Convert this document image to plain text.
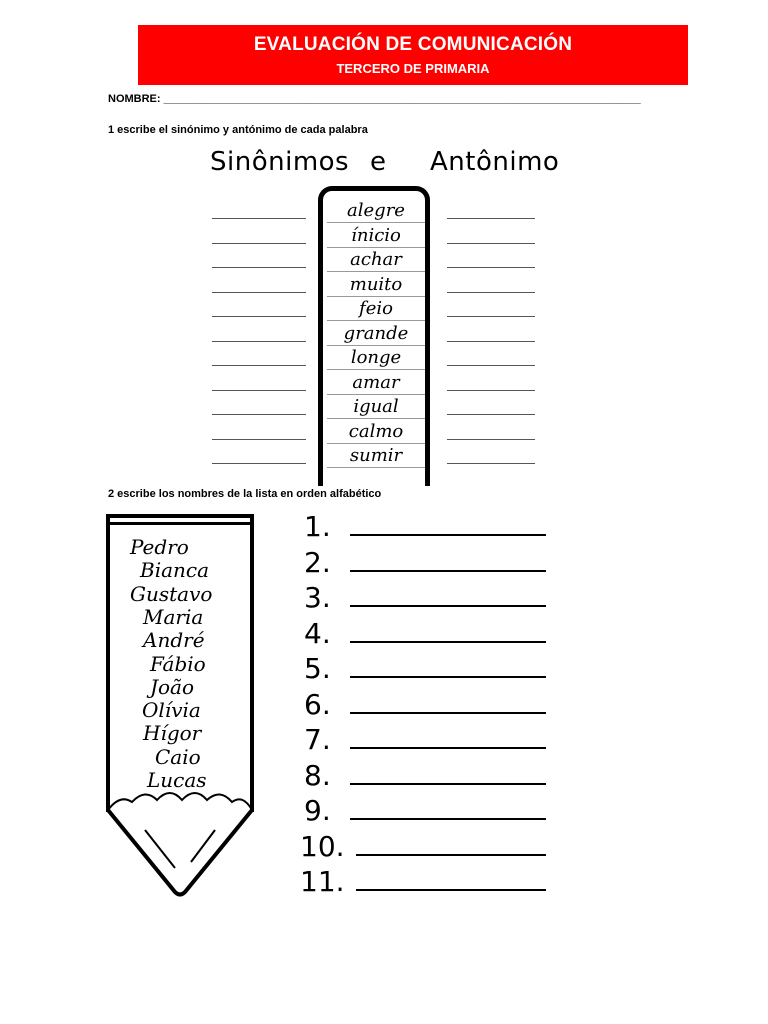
EVALUACIÓN DE COMUNICACIÓN
TERCERO DE PRIMARIA
NOMBRE: ______________________________________________________________________________
1 escribe el sinónimo y antónimo de cada palabra
Sinônimos e Antônimo
alegre
ínicio
achar
muito
feio
grande
longe
amar
igual
calmo
sumir
2 escribe los nombres de la lista en orden alfabético
Pedro
Bianca
Gustavo
Maria
André
Fábio
João
Olívia
Hígor
Caio
Lucas
1.
2.
3.
4.
5.
6.
7.
8.
9.
10.
11.
